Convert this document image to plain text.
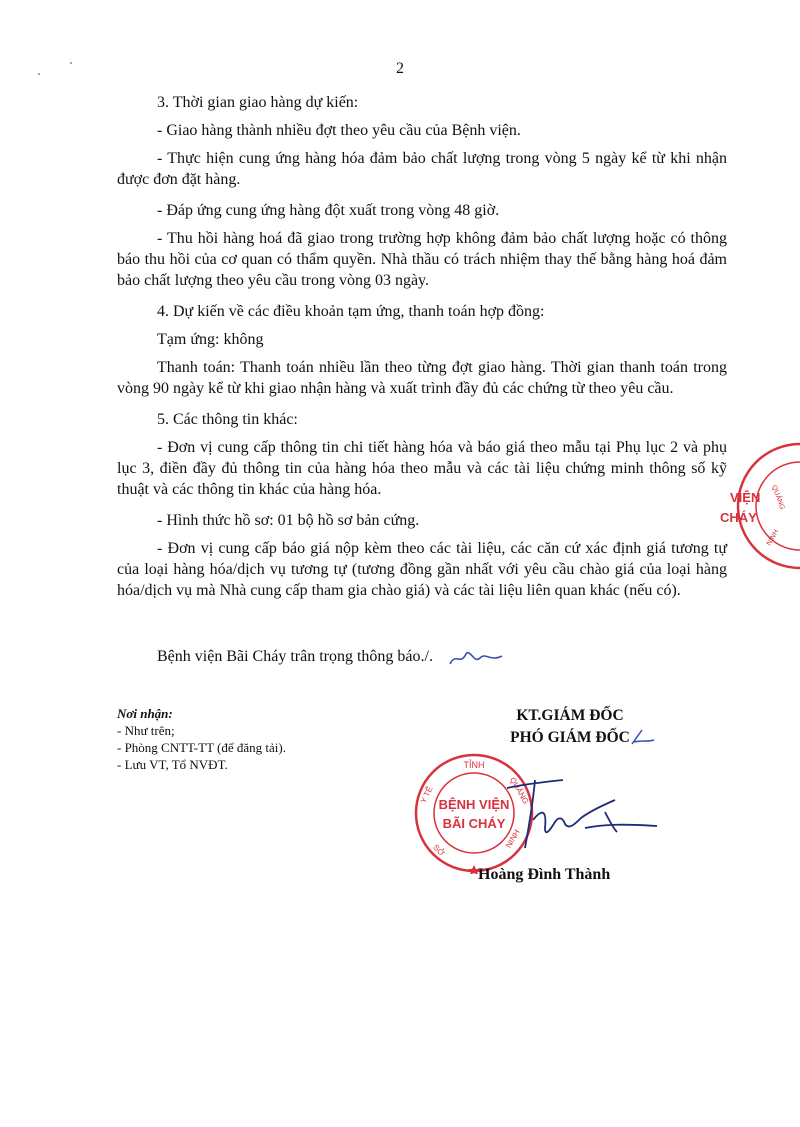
2

3. Thời gian giao hàng dự kiến:

- Giao hàng thành nhiều đợt theo yêu cầu của Bệnh viện.

- Thực hiện cung ứng hàng hóa đảm bảo chất lượng trong vòng 5 ngày kể từ khi nhận được đơn đặt hàng.

- Đáp ứng cung ứng hàng đột xuất trong vòng 48 giờ.

- Thu hồi hàng hoá đã giao trong trường hợp không đảm bảo chất lượng hoặc có thông báo thu hồi của cơ quan có thẩm quyền. Nhà thầu có trách nhiệm thay thế bằng hàng hoá đảm bảo chất lượng theo yêu cầu trong vòng 03 ngày.

4. Dự kiến về các điều khoản tạm ứng, thanh toán hợp đồng:

Tạm ứng: không

Thanh toán: Thanh toán nhiều lần theo từng đợt giao hàng. Thời gian thanh toán trong vòng 90 ngày kể từ khi giao nhận hàng và xuất trình đầy đủ các chứng từ theo yêu cầu.

5. Các thông tin khác:

- Đơn vị cung cấp thông tin chi tiết hàng hóa và báo giá theo mẫu tại Phụ lục 2 và phụ lục 3, điền đầy đủ thông tin của hàng hóa theo mẫu và các tài liệu chứng minh thông số kỹ thuật và các thông tin khác của hàng hóa.

- Hình thức hồ sơ: 01 bộ hồ sơ bản cứng.

- Đơn vị cung cấp báo giá nộp kèm theo các tài liệu, các căn cứ xác định giá tương tự của loại hàng hóa/dịch vụ tương tự (tương đồng gần nhất với yêu cầu chào giá của loại hàng hóa/dịch vụ mà Nhà cung cấp tham gia chào giá) và các tài liệu liên quan khác (nếu có).

Bệnh viện Bãi Cháy trân trọng thông báo./.
Nơi nhận:
- Như trên;
- Phòng CNTT-TT (để đăng tải).
- Lưu VT, Tổ NVĐT.
KT.GIÁM ĐỐC
PHÓ GIÁM ĐỐC
TỈNH
QUẢNG
NINH
Y TẾ
SỞ
BỆNH VIỆN
BÃI CHÁY
Hoàng Đình Thành
VIỆN
CHÁY
QUẢNG
NINH
